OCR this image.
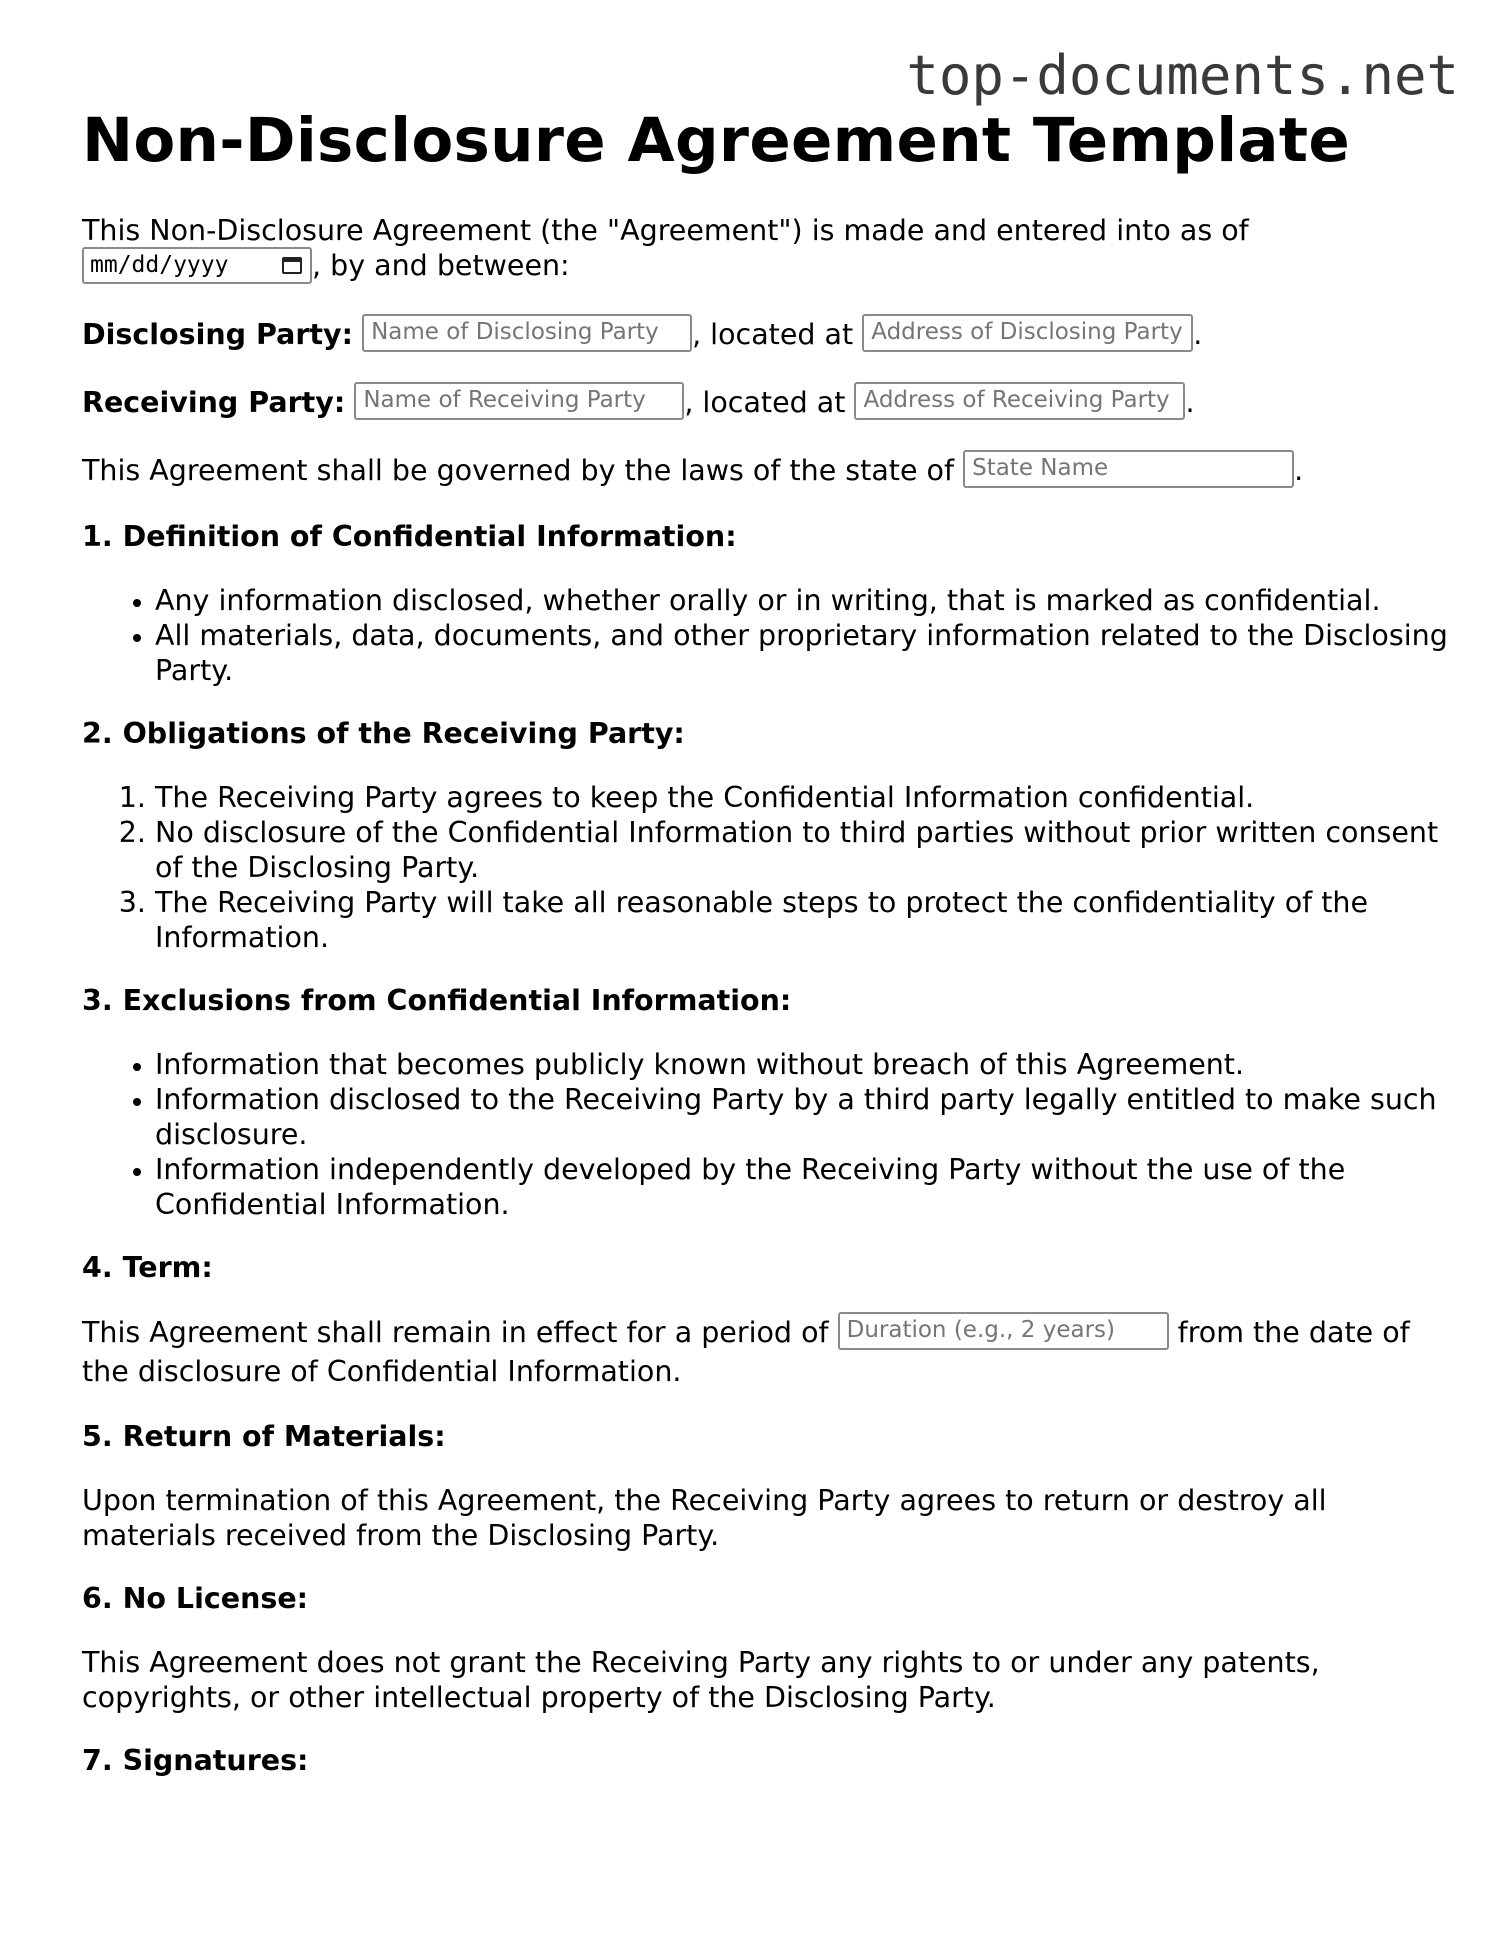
top-documents.net
Non-Disclosure Agreement Template

This Non-Disclosure Agreement (the "Agreement") is made and entered into as of
mm/dd/yyyy	, by and between:

Disclosing Party: Name of Disclosing Party , located at Address of Disclosing Party .

Receiving Party: Name of Receiving Party , located at Address of Receiving Party .

This Agreement shall be governed by the laws of the state of State Name	.

1. Definition of Confidential Information:
• Any information disclosed, whether orally or in writing, that is marked as confidential.
• All materials, data, documents, and other proprietary information related to the Disclosing Party.
2. Obligations of the Receiving Party:
1. The Receiving Party agrees to keep the Confidential Information confidential.
2. No disclosure of the Confidential Information to third parties without prior written consent of the Disclosing Party.
3. The Receiving Party will take all reasonable steps to protect the confidentiality of the Information.
3. Exclusions from Confidential Information:
• Information that becomes publicly known without breach of this Agreement.
• Information disclosed to the Receiving Party by a third party legally entitled to make such disclosure.
• Information independently developed by the Receiving Party without the use of the Confidential Information.
4. Term:

This Agreement shall remain in effect for a period of Duration (e.g., 2 years) from the date of the disclosure of Confidential Information.

5. Return of Materials:

Upon termination of this Agreement, the Receiving Party agrees to return or destroy all materials received from the Disclosing Party.

6. No License:

This Agreement does not grant the Receiving Party any rights to or under any patents, copyrights, or other intellectual property of the Disclosing Party.

7. Signatures:
